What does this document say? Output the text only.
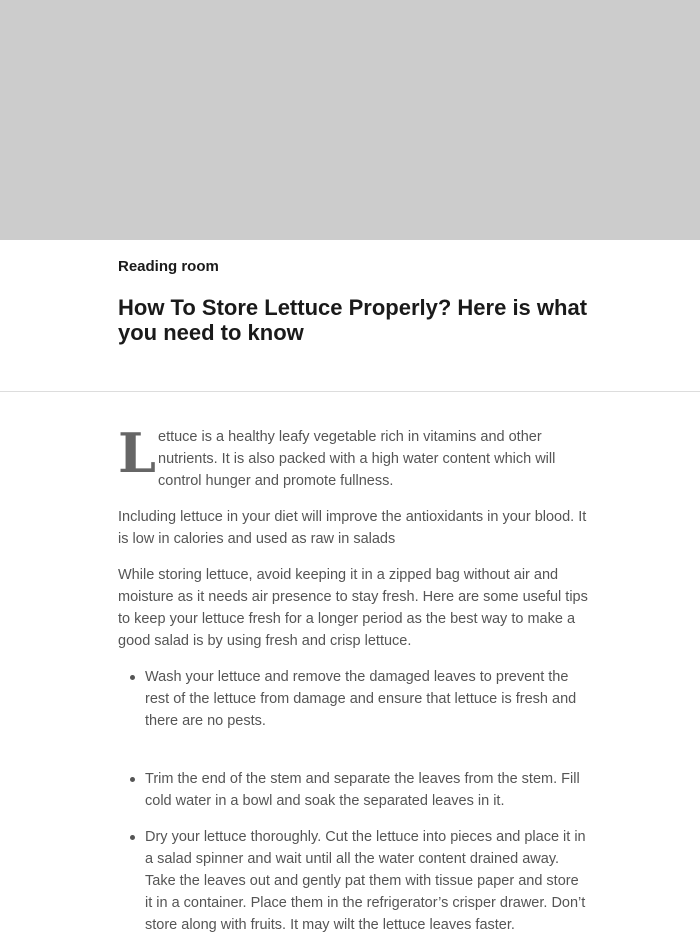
Reading room
How To Store Lettuce Properly? Here is what you need to know

L ettuce is a healthy leafy vegetable rich in vitamins and other nutrients. It is also packed with a high water content which will control hunger and promote fullness.

Including lettuce in your diet will improve the antioxidants in your blood. It is low in calories and used as raw in salads

While storing lettuce, avoid keeping it in a zipped bag without air and moisture as it needs air presence to stay fresh. Here are some useful tips to keep your lettuce fresh for a longer period as the best way to make a good salad is by using fresh and crisp lettuce.

Wash your lettuce and remove the damaged leaves to prevent the rest of the lettuce from damage and ensure that lettuce is fresh and there are no pests.
Trim the end of the stem and separate the leaves from the stem. Fill cold water in a bowl and soak the separated leaves in it.
Dry your lettuce thoroughly. Cut the lettuce into pieces and place it in a salad spinner and wait until all the water content drained away. Take the leaves out and gently pat them with tissue paper and store it in a container. Place them in the refrigerator’s crisper drawer. Don’t store along with fruits. It may wilt the lettuce leaves faster.
